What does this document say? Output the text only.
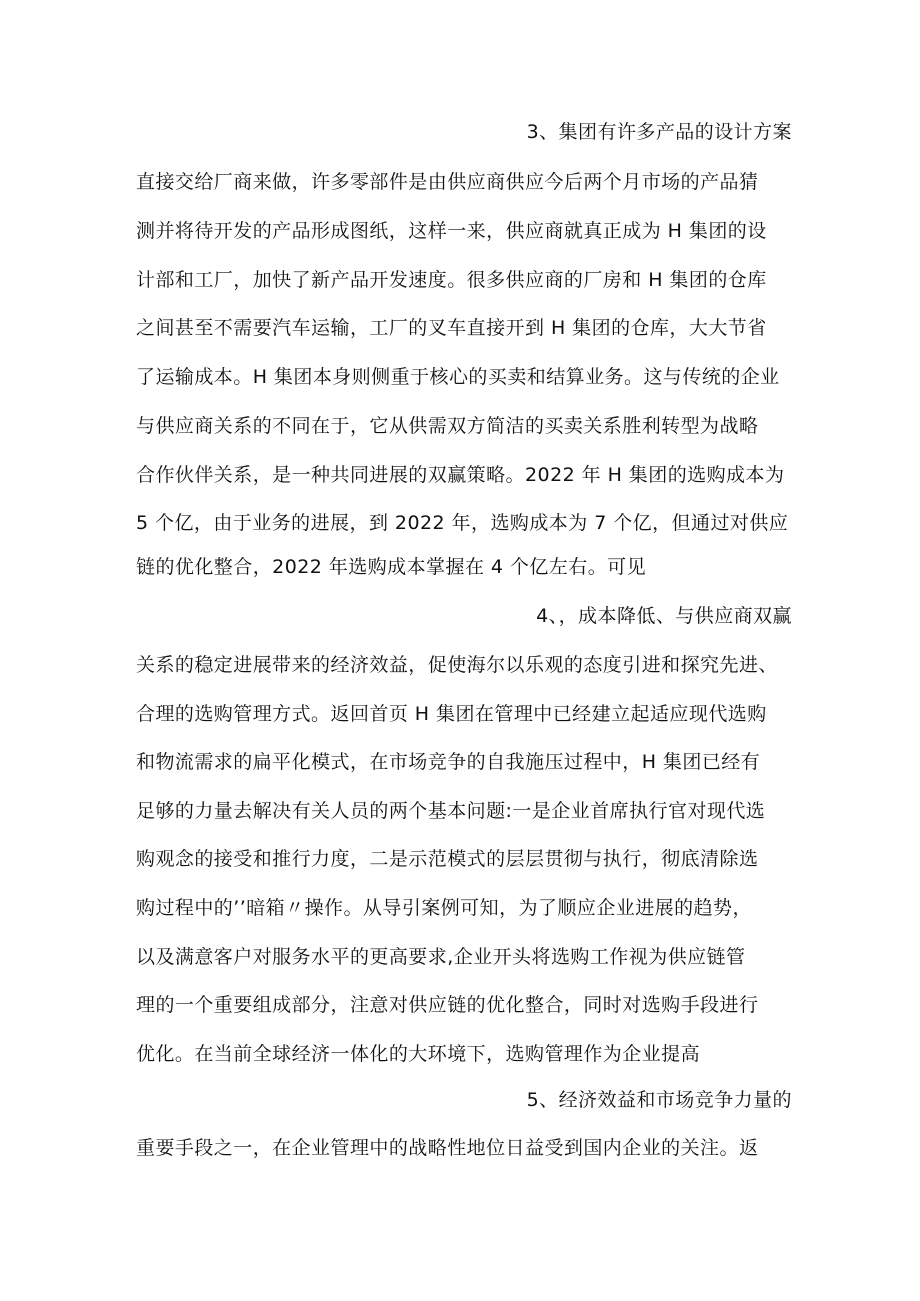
3、集团有许多产品的设计方案
直接交给厂商来做，许多零部件是由供应商供应今后两个月市场的产品猜
测并将待开发的产品形成图纸，这样一来，供应商就真正成为 H 集团的设
计部和工厂，加快了新产品开发速度。很多供应商的厂房和 H 集团的仓库
之间甚至不需要汽车运输，工厂的叉车直接开到 H 集团的仓库，大大节省
了运输成本。H 集团本身则侧重于核心的买卖和结算业务。这与传统的企业
与供应商关系的不同在于，它从供需双方简洁的买卖关系胜利转型为战略
合作伙伴关系，是一种共同进展的双赢策略。2022 年 H 集团的选购成本为
5 个亿，由于业务的进展，到 2022 年，选购成本为 7 个亿，但通过对供应
链的优化整合，2022 年选购成本掌握在 4 个亿左右。可见
4、，成本降低、与供应商双赢
关系的稳定进展带来的经济效益，促使海尔以乐观的态度引进和探究先进、
合理的选购管理方式。返回首页 H 集团在管理中已经建立起适应现代选购
和物流需求的扁平化模式，在市场竞争的自我施压过程中，H 集团已经有
足够的力量去解决有关人员的两个基本问题:一是企业首席执行官对现代选
购观念的接受和推行力度，二是示范模式的层层贯彻与执行，彻底清除选
购过程中的’’暗箱〃操作。从导引案例可知，为了顺应企业进展的趋势，
以及满意客户对服务水平的更高要求,企业开头将选购工作视为供应链管
理的一个重要组成部分，注意对供应链的优化整合，同时对选购手段进行
优化。在当前全球经济一体化的大环境下，选购管理作为企业提高
5、经济效益和市场竞争力量的
重要手段之一，在企业管理中的战略性地位日益受到国内企业的关注。返
